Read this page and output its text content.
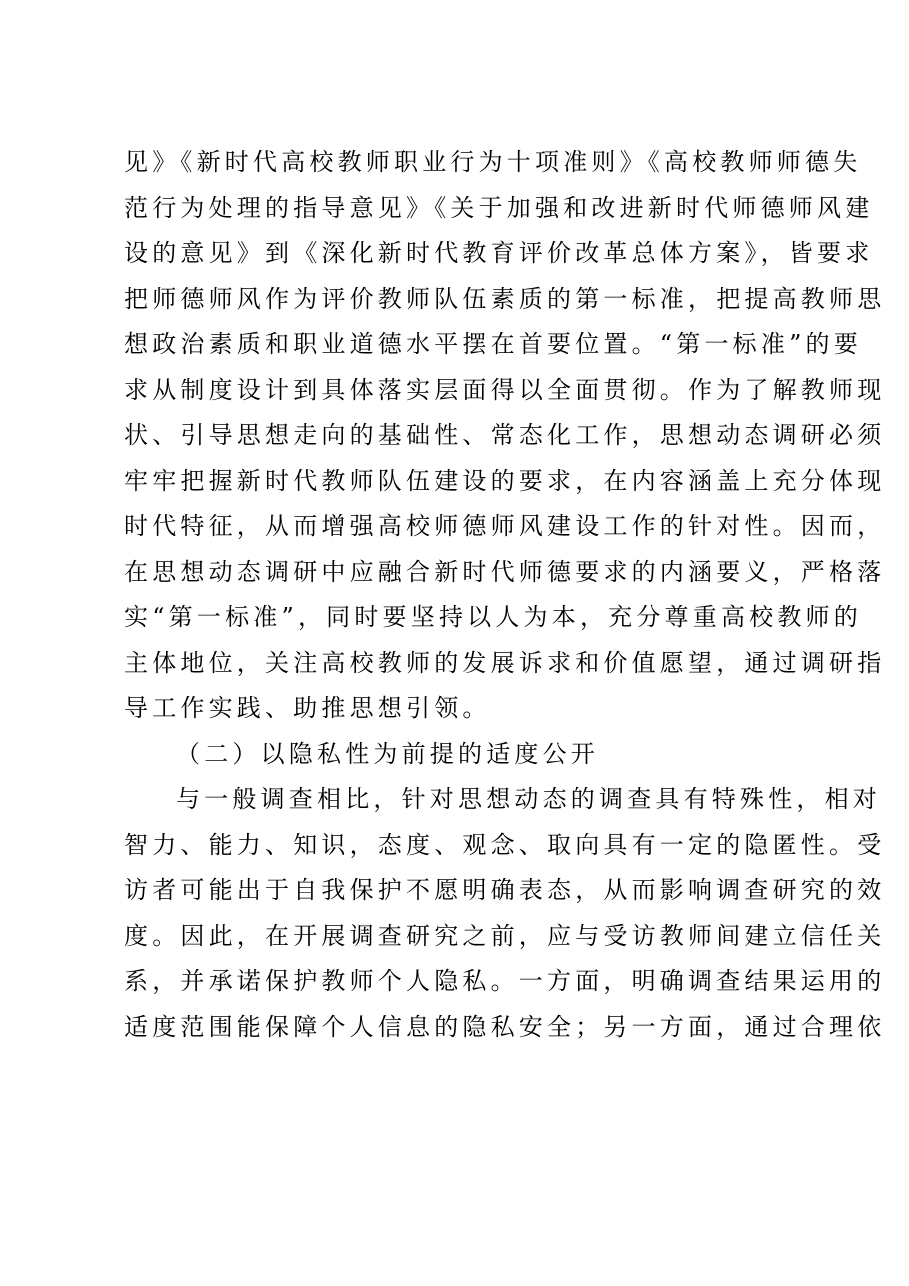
见》《新时代高校教师职业行为十项准则》《高校教师师德失
范行为处理的指导意见》《关于加强和改进新时代师德师风建
设的意见》到《深化新时代教育评价改革总体方案》，皆要求
把师德师风作为评价教师队伍素质的第一标准，把提高教师思
想政治素质和职业道德水平摆在首要位置。“第一标准”的要
求从制度设计到具体落实层面得以全面贯彻。作为了解教师现
状、引导思想走向的基础性、常态化工作，思想动态调研必须
牢牢把握新时代教师队伍建设的要求，在内容涵盖上充分体现
时代特征，从而增强高校师德师风建设工作的针对性。因而，
在思想动态调研中应融合新时代师德要求的内涵要义，严格落
实“第一标准”，同时要坚持以人为本，充分尊重高校教师的
主体地位，关注高校教师的发展诉求和价值愿望，通过调研指
导工作实践、助推思想引领。
（二）以隐私性为前提的适度公开
与一般调查相比，针对思想动态的调查具有特殊性，相对
智力、能力、知识，态度、观念、取向具有一定的隐匿性。受
访者可能出于自我保护不愿明确表态，从而影响调查研究的效
度。因此，在开展调查研究之前，应与受访教师间建立信任关
系，并承诺保护教师个人隐私。一方面，明确调查结果运用的
适度范围能保障个人信息的隐私安全；另一方面，通过合理依
